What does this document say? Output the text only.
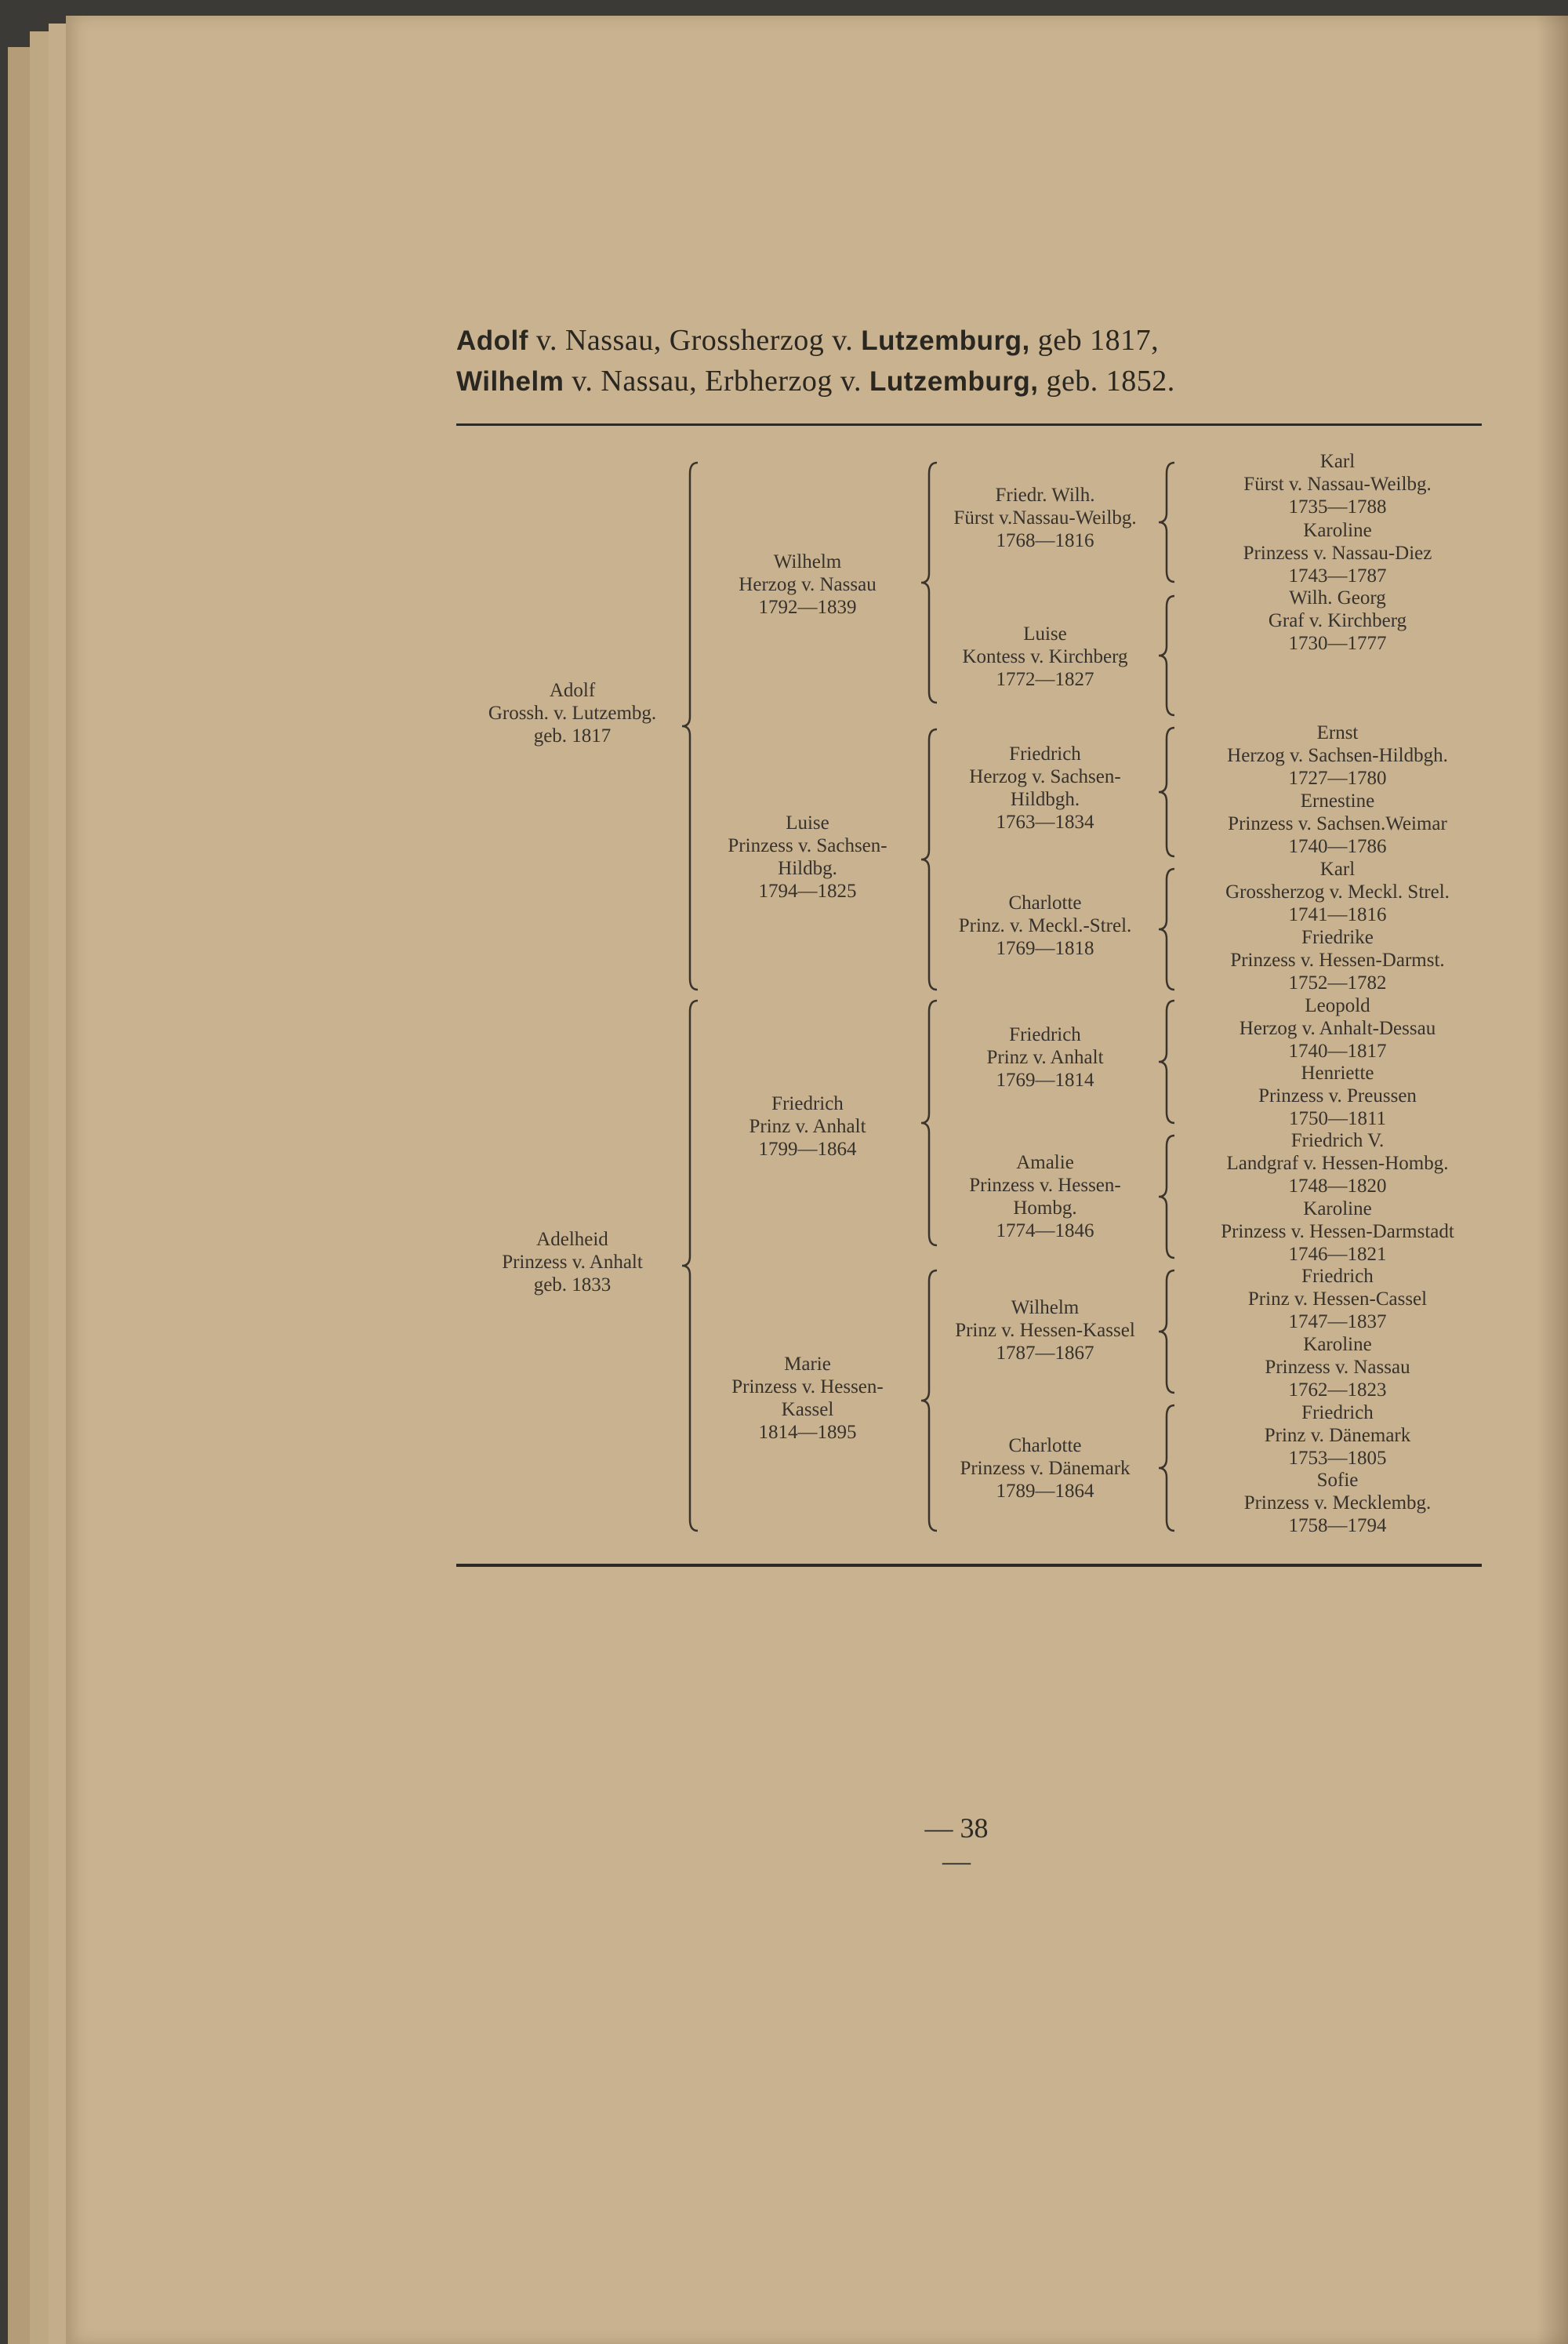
Adolf v. Nassau, Grossherzog v. Lutzemburg, geb 1817,
Wilhelm v. Nassau, Erbherzog v. Lutzemburg, geb. 1852.
Adolf
Grossh. v. Lutzembg.
geb. 1817
Adelheid
Prinzess v. Anhalt
geb. 1833
Wilhelm
Herzog v. Nassau
1792—1839
Luise
Prinzess v. Sachsen-
Hildbg.
1794—1825
Friedrich
Prinz v. Anhalt
1799—1864
Marie
Prinzess v. Hessen-
Kassel
1814—1895
Friedr. Wilh.
Fürst v.Nassau-Weilbg.
1768—1816
Luise
Kontess v. Kirchberg
1772—1827
Friedrich
Herzog v. Sachsen-
Hildbgh.
1763—1834
Charlotte
Prinz. v. Meckl.-Strel.
1769—1818
Friedrich
Prinz v. Anhalt
1769—1814
Amalie
Prinzess v. Hessen-
Hombg.
1774—1846
Wilhelm
Prinz v. Hessen-Kassel
1787—1867
Charlotte
Prinzess v. Dänemark
1789—1864
Karl
Fürst v. Nassau-Weilbg.
1735—1788
Karoline
Prinzess v. Nassau-Diez
1743—1787
Wilh. Georg
Graf v. Kirchberg
1730—1777
Ernst
Herzog v. Sachsen-Hildbgh.
1727—1780
Ernestine
Prinzess v. Sachsen.Weimar
1740—1786
Karl
Grossherzog v. Meckl. Strel.
1741—1816
Friedrike
Prinzess v. Hessen-Darmst.
1752—1782
Leopold
Herzog v. Anhalt-Dessau
1740—1817
Henriette
Prinzess v. Preussen
1750—1811
Friedrich V.
Landgraf v. Hessen-Hombg.
1748—1820
Karoline
Prinzess v. Hessen-Darmstadt
1746—1821
Friedrich
Prinz v. Hessen-Cassel
1747—1837
Karoline
Prinzess v. Nassau
1762—1823
Friedrich
Prinz v. Dänemark
1753—1805
Sofie
Prinzess v. Mecklembg.
1758—1794
— 38 —
